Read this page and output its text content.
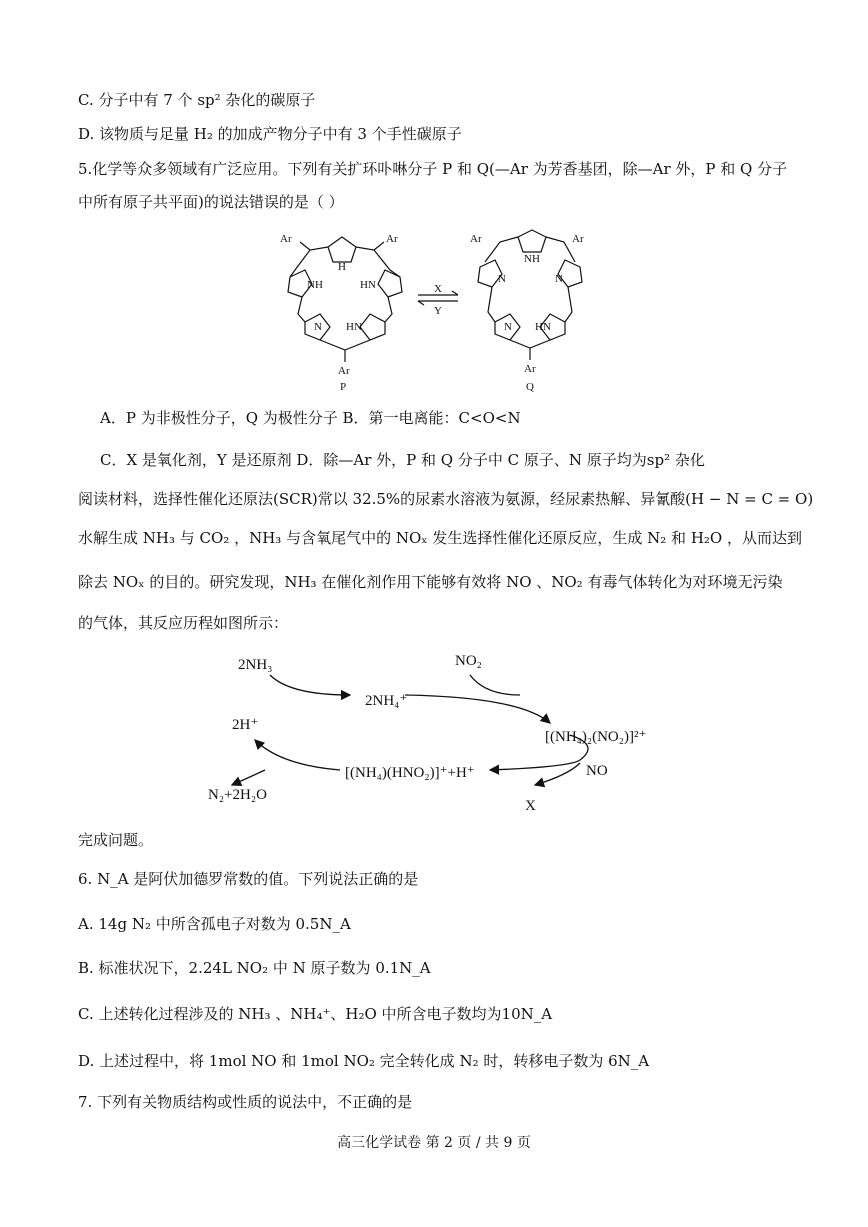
C. 分子中有 7 个 sp² 杂化的碳原子
D. 该物质与足量 H₂ 的加成产物分子中有 3 个手性碳原子
5.化学等众多领域有广泛应用。下列有关扩环卟啉分子 P 和 Q(—Ar 为芳香基团，除—Ar 外，P 和 Q 分子
中所有原子共平面)的说法错误的是（ ）
Ar	Ar
H
NH	HN
N HN
Ar
P
X
Y
Ar	Ar
NH
N	N
N HN
Ar
Q
A．P 为非极性分子，Q 为极性分子 B．第一电离能：C<O<N
C．X 是氧化剂，Y 是还原剂 D．除—Ar 外，P 和 Q 分子中 C 原子、N 原子均为sp² 杂化
阅读材料，选择性催化还原法(SCR)常以 32.5%的尿素水溶液为氨源，经尿素热解、异氰酸(H − N = C = O)
水解生成 NH₃ 与 CO₂ ，NH₃ 与含氧尾气中的 NOₓ 发生选择性催化还原反应，生成 N₂ 和 H₂O ，从而达到
除去 NOₓ 的目的。研究发现，NH₃ 在催化剂作用下能够有效将 NO 、NO₂ 有毒气体转化为对环境无污染
的气体，其反应历程如图所示：
2NH₃
2NH₄⁺
NO₂
[(NH₄)₂(NO₂)]²⁺
NO
X
[(NH₄)(HNO₂)]⁺+H⁺
2H⁺
N₂+2H₂O
完成问题。
6. N_A 是阿伏加德罗常数的值。下列说法正确的是
A. 14g N₂ 中所含孤电子对数为 0.5N_A
B. 标准状况下，2.24L NO₂ 中 N 原子数为 0.1N_A
C. 上述转化过程涉及的 NH₃ 、NH₄⁺、H₂O 中所含电子数均为10N_A
D. 上述过程中，将 1mol NO 和 1mol NO₂ 完全转化成 N₂ 时，转移电子数为 6N_A
7. 下列有关物质结构或性质的说法中，不正确的是
高三化学试卷 第 2 页 / 共 9 页
